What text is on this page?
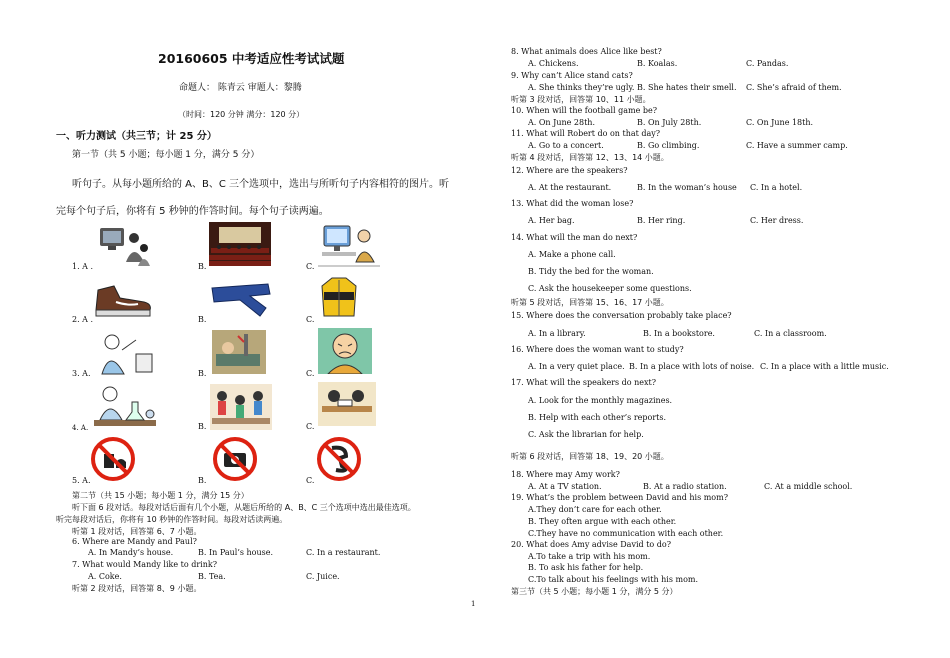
20160605 中考适应性考试试题
命题人： 陈青云 审题人：黎腾
（时间：120 分钟 满分：120 分）
一、听力测试（共三节；计 25 分）
第一节（共 5 小题；每小题 1 分，满分 5 分）
听句子。从每小题所给的 A、B、C 三个选项中，选出与所听句子内容相符的图片。听
完每个句子后，你将有 5 秒钟的作答时间。每个句子读两遍。
1. A .	B.	C.
2. A .	B.	C.
3. A.	B.	C.
4. A.	B.	C.
5. A.	B.	C.
第二节（共 15 小题；每小题 1 分，满分 15 分）
听下面 6 段对话。每段对话后面有几个小题，从题后所给的 A、B、C 三个选项中选出最佳选项。
听完每段对话后，你将有 10 秒钟的作答时间。每段对话读两遍。
听第 1 段对话，回答第 6、7 小题。
6. Where are Mandy and Paul?
A. In Mandy’s house.	B. In Paul’s house.	C. In a restaurant.
7. What would Mandy like to drink?
A. Coke.	B. Tea.	C. Juice.
听第 2 段对话，回答第 8、9 小题。
8. What animals does Alice like best?
A. Chickens.	B. Koalas.	C. Pandas.
9. Why can’t Alice stand cats?
A. She thinks they’re ugly. B. She hates their smell. C. She’s afraid of them.
听第 3 段对话，回答第 10、11 小题。
10. When will the football game be?
A. On June 28th.	B. On July 28th.	C. On June 18th.
11. What will Robert do on that day?
A. Go to a concert.	B. Go climbing.	C. Have a summer camp.
听第 4 段对话，回答第 12、13、14 小题。
12. Where are the speakers?
A. At the restaurant.	B. In the woman’s house C. In a hotel.
13. What did the woman lose?
A. Her bag.	B. Her ring.	C. Her dress.
14. What will the man do next?
A. Make a phone call.
B. Tidy the bed for the woman.
C. Ask the housekeeper some questions.
听第 5 段对话，回答第 15、16、17 小题。
15. Where does the conversation probably take place?
A. In a library.	B. In a bookstore.	C. In a classroom.
16. Where does the woman want to study?
A. In a very quiet place. B. In a place with lots of noise. C. In a place with a little music.
17. What will the speakers do next?
A. Look for the monthly magazines.
B. Help with each other’s reports.
C. Ask the librarian for help.
听第 6 段对话，回答第 18、19、20 小题。
18. Where may Amy work?
A. At a TV station.	B. At a radio station.	C. At a middle school.
19. What’s the problem between David and his mom?
A.They don’t care for each other.
B. They often argue with each other.
C.They have no communication with each other.
20. What does Amy advise David to do?
A.To take a trip with his mom.
B. To ask his father for help.
C.To talk about his feelings with his mom.
第三节（共 5 小题；每小题 1 分，满分 5 分）
1
